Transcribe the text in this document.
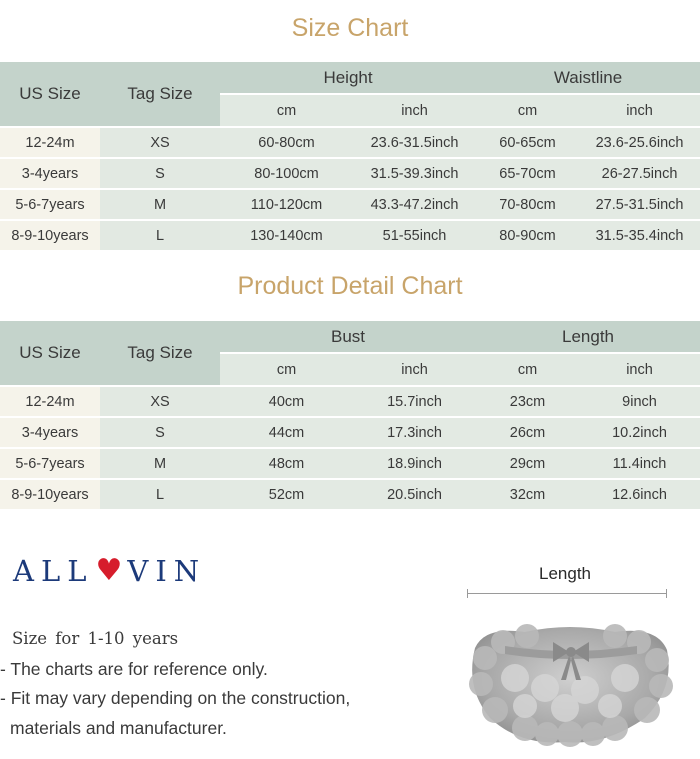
Size Chart
US Size	Tag Size	Height		Waistline	
		cm	inch	cm	inch
12-24m	XS	60-80cm	23.6-31.5inch	60-65cm	23.6-25.6inch
3-4years	S	80-100cm	31.5-39.3inch	65-70cm	26-27.5inch
5-6-7years	M	110-120cm	43.3-47.2inch	70-80cm	27.5-31.5inch
8-9-10years	L	130-140cm	51-55inch	80-90cm	31.5-35.4inch
Product Detail Chart
US Size	Tag Size	Bust		Length	
		cm	inch	cm	inch
12-24m	XS	40cm	15.7inch	23cm	9inch
3-4years	S	44cm	17.3inch	26cm	10.2inch
5-6-7years	M	48cm	18.9inch	29cm	11.4inch
8-9-10years	L	52cm	20.5inch	32cm	12.6inch
ALL ♥ VIN
Size for 1-10 years
- The charts are for reference only.
- Fit may vary depending on the construction,
materials and manufacturer.
Length
